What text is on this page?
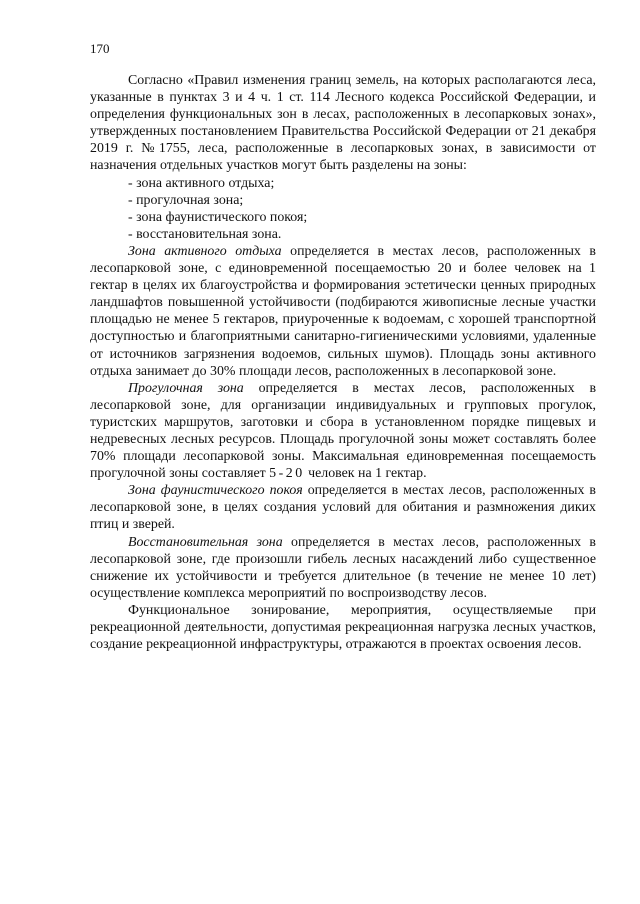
170

Согласно «Правил изменения границ земель, на которых располагаются леса, указанные в пунктах 3 и 4 ч. 1 ст. 114 Лесного кодекса Российской Федерации, и определения функциональных зон в лесах, расположенных в лесопарковых зонах», утвержденных постановлением Правительства Российской Федерации от 21 декабря 2019 г. №1755, леса, расположенные в лесопарковых зонах, в зависимости от назначения отдельных участков могут быть разделены на зоны:

- зона активного отдыха;
- прогулочная зона;
- зона фаунистического покоя;
- восстановительная зона.

Зона активного отдыха определяется в местах лесов, расположенных в лесопарковой зоне, с единовременной посещаемостью 20 и более человек на 1 гектар в целях их благоустройства и формирования эстетически ценных природных ландшафтов повышенной устойчивости (подбираются живописные лесные участки площадью не менее 5 гектаров, приуроченные к водоемам, с хорошей транспортной доступностью и благоприятными санитарно-гигиеническими условиями, удаленные от источников загрязнения водоемов, сильных шумов). Площадь зоны активного отдыха занимает до 30% площади лесов, расположенных в лесопарковой зоне.

Прогулочная зона определяется в местах лесов, расположенных в лесопарковой зоне, для организации индивидуальных и групповых прогулок, туристских маршрутов, заготовки и сбора в установленном порядке пищевых и недревесных лесных ресурсов. Площадь прогулочной зоны может составлять более 70% площади лесопарковой зоны. Максимальная единовременная посещаемость прогулочной зоны составляет 5-20 человек на 1 гектар.

Зона фаунистического покоя определяется в местах лесов, расположенных в лесопарковой зоне, в целях создания условий для обитания и размножения диких птиц и зверей.

Восстановительная зона определяется в местах лесов, расположенных в лесопарковой зоне, где произошли гибель лесных насаждений либо существенное снижение их устойчивости и требуется длительное (в течение не менее 10 лет) осуществление комплекса мероприятий по воспроизводству лесов.

Функциональное зонирование, мероприятия, осуществляемые при рекреационной деятельности, допустимая рекреационная нагрузка лесных участков, создание рекреационной инфраструктуры, отражаются в проектах освоения лесов.
